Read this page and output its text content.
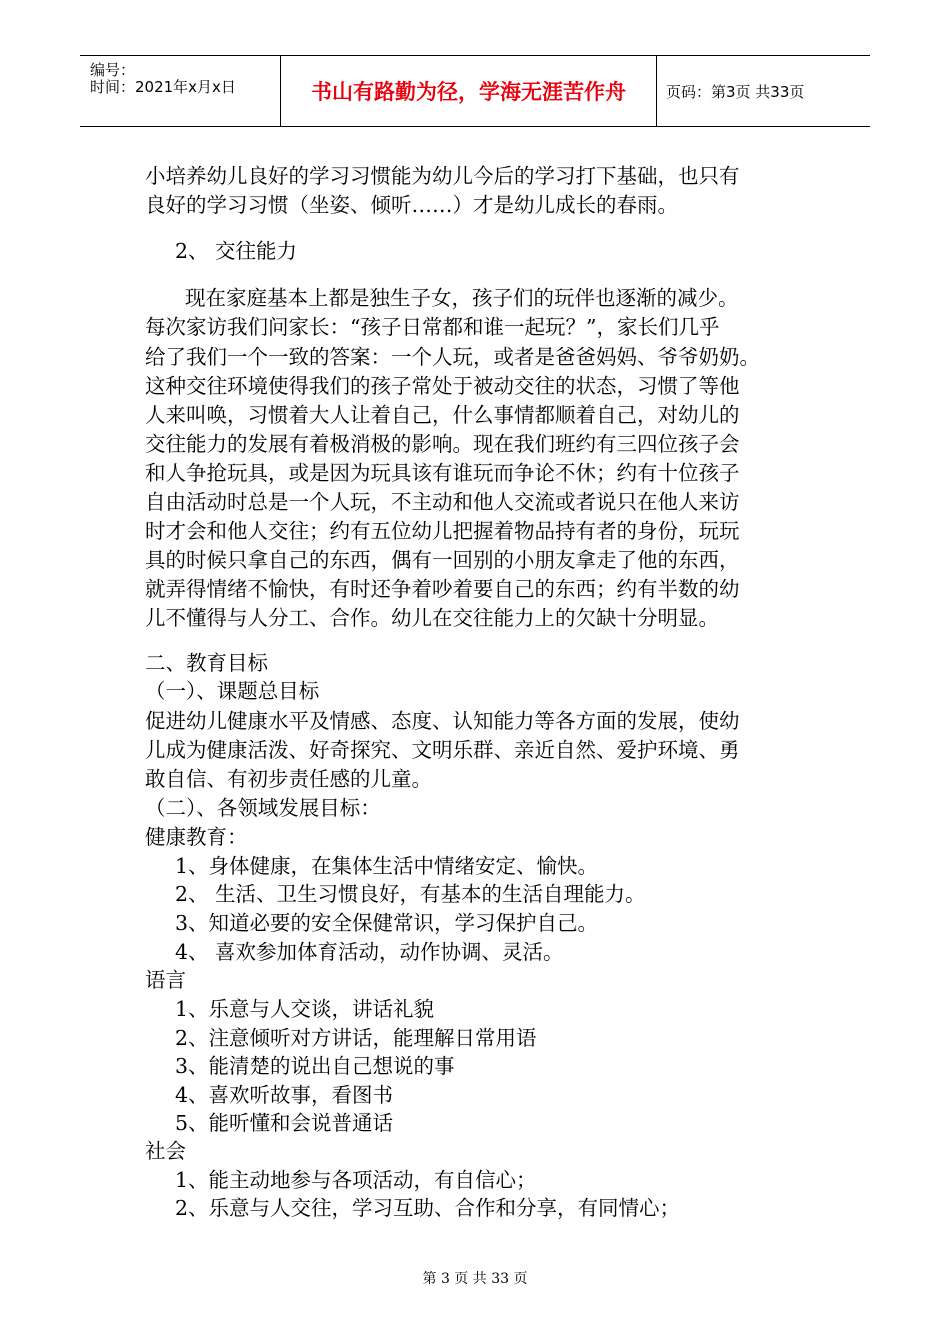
编号：
时间：2021年x月x日	书山有路勤为径，学海无涯苦作舟	页码：第3页 共33页
小培养幼儿良好的学习习惯能为幼儿今后的学习打下基础，也只有
良好的学习习惯（坐姿、倾听……）才是幼儿成长的春雨。
2、 交往能力
现在家庭基本上都是独生子女，孩子们的玩伴也逐渐的减少。
每次家访我们问家长：“孩子日常都和谁一起玩？”，家长们几乎
给了我们一个一致的答案：一个人玩，或者是爸爸妈妈、爷爷奶奶。
这种交往环境使得我们的孩子常处于被动交往的状态，习惯了等他
人来叫唤，习惯着大人让着自己，什么事情都顺着自己，对幼儿的
交往能力的发展有着极消极的影响。现在我们班约有三四位孩子会
和人争抢玩具，或是因为玩具该有谁玩而争论不休；约有十位孩子
自由活动时总是一个人玩，不主动和他人交流或者说只在他人来访
时才会和他人交往；约有五位幼儿把握着物品持有者的身份，玩玩
具的时候只拿自己的东西，偶有一回别的小朋友拿走了他的东西，
就弄得情绪不愉快，有时还争着吵着要自己的东西；约有半数的幼
儿不懂得与人分工、合作。幼儿在交往能力上的欠缺十分明显。
二、教育目标
（一）、课题总目标
促进幼儿健康水平及情感、态度、认知能力等各方面的发展，使幼
儿成为健康活泼、好奇探究、文明乐群、亲近自然、爱护环境、勇
敢自信、有初步责任感的儿童。
（二）、各领域发展目标：
健康教育：
1、身体健康，在集体生活中情绪安定、愉快。
2、 生活、卫生习惯良好，有基本的生活自理能力。
3、知道必要的安全保健常识，学习保护自己。
4、 喜欢参加体育活动，动作协调、灵活。
语言
1、乐意与人交谈，讲话礼貌
2、注意倾听对方讲话，能理解日常用语
3、能清楚的说出自己想说的事
4、喜欢听故事，看图书
5、能听懂和会说普通话
社会
1、能主动地参与各项活动，有自信心；
2、乐意与人交往，学习互助、合作和分享，有同情心；
第 3 页 共 33 页
